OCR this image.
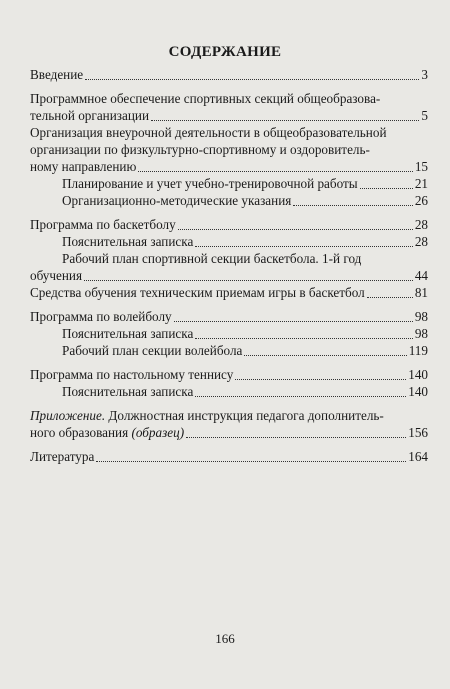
СОДЕРЖАНИЕ
Введение	3
Программное обеспечение спортивных секций общеобразова-
тельной организации	5
Организация внеурочной деятельности в общеобразовательной
организации по физкультурно-спортивному и оздоровитель-
ному направлению	15
Планирование и учет учебно-тренировочной работы	21
Организационно-методические указания	26
Программа по баскетболу	28
Пояснительная записка	28
Рабочий план спортивной секции баскетбола. 1-й год
обучения	44
Средства обучения техническим приемам игры в баскетбол	81
Программа по волейболу	98
Пояснительная записка	98
Рабочий план секции волейбола	119
Программа по настольному теннису	140
Пояснительная записка	140
Приложение. Должностная инструкция педагога дополнитель-
ного образования (образец)	156
Литература	164
166
